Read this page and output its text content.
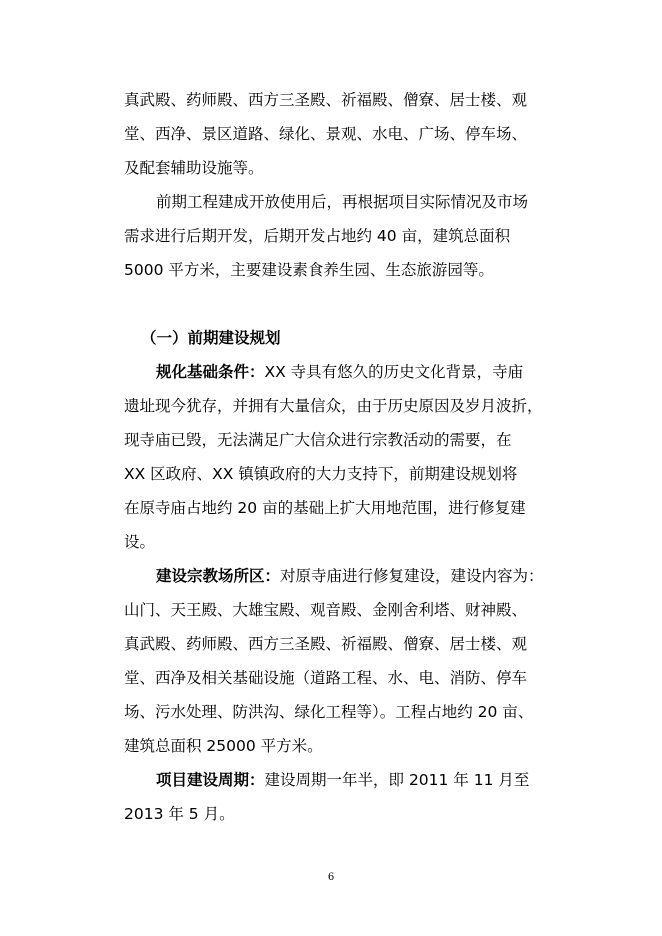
真武殿、药师殿、西方三圣殿、祈福殿、僧寮、居士楼、观
堂、西净、景区道路、绿化、景观、水电、广场、停车场、
及配套辅助设施等。
前期工程建成开放使用后，再根据项目实际情况及市场
需求进行后期开发，后期开发占地约 40 亩，建筑总面积
5000 平方米，主要建设素食养生园、生态旅游园等。
（一）前期建设规划
规化基础条件：XX 寺具有悠久的历史文化背景，寺庙
遗址现今犹存，并拥有大量信众，由于历史原因及岁月波折，
现寺庙已毁，无法满足广大信众进行宗教活动的需要，在
XX 区政府、XX 镇镇政府的大力支持下，前期建设规划将
在原寺庙占地约 20 亩的基础上扩大用地范围，进行修复建
设。
建设宗教场所区：对原寺庙进行修复建设，建设内容为：
山门、天王殿、大雄宝殿、观音殿、金刚舍利塔、财神殿、
真武殿、药师殿、西方三圣殿、祈福殿、僧寮、居士楼、观
堂、西净及相关基础设施（道路工程、水、电、消防、停车
场、污水处理、防洪沟、绿化工程等）。工程占地约 20 亩、
建筑总面积 25000 平方米。
项目建设周期：建设周期一年半，即 2011 年 11 月至
2013 年 5 月。
6
